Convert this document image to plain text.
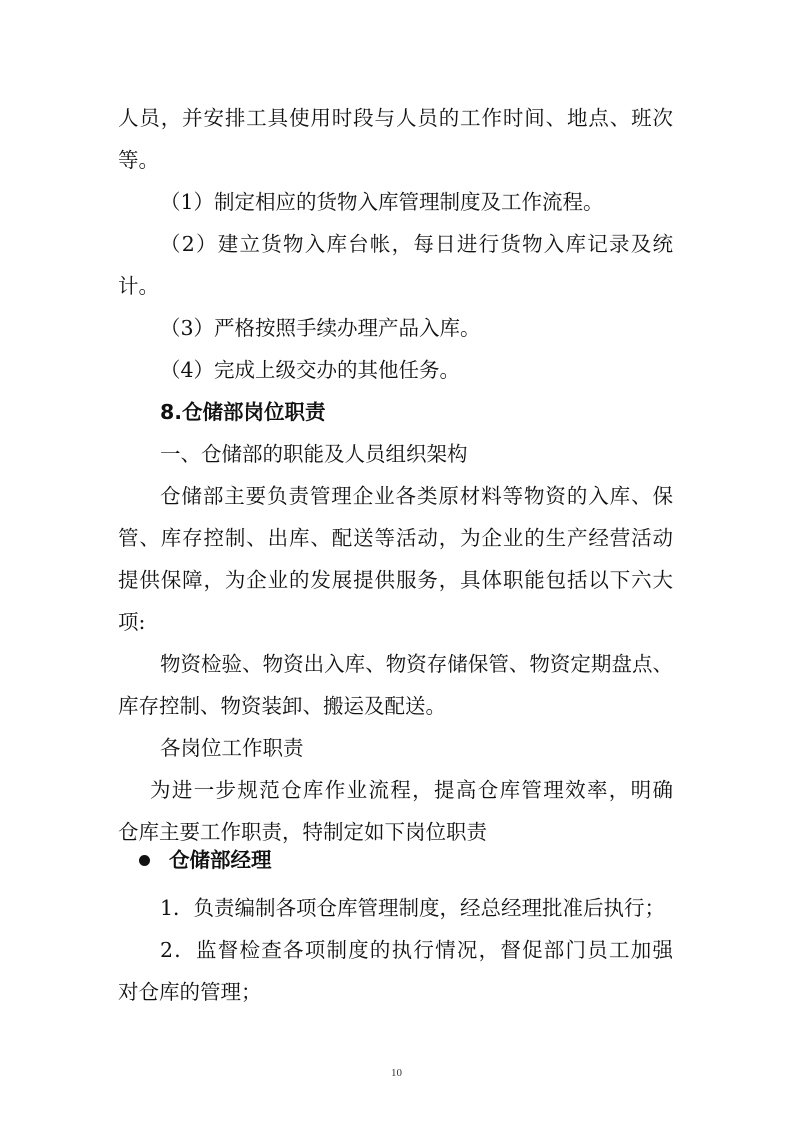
人员，并安排工具使用时段与人员的工作时间、地点、班次
等。
（1）制定相应的货物入库管理制度及工作流程。
（2）建立货物入库台帐，每日进行货物入库记录及统
计。
（3）严格按照手续办理产品入库。
（4）完成上级交办的其他任务。
8.仓储部岗位职责
一、仓储部的职能及人员组织架构
仓储部主要负责管理企业各类原材料等物资的入库、保
管、库存控制、出库、配送等活动，为企业的生产经营活动
提供保障，为企业的发展提供服务，具体职能包括以下六大
项:
物资检验、物资出入库、物资存储保管、物资定期盘点、
库存控制、物资装卸、搬运及配送。
各岗位工作职责
为进一步规范仓库作业流程，提高仓库管理效率，明确
仓库主要工作职责，特制定如下岗位职责
仓储部经理
1．负责编制各项仓库管理制度，经总经理批准后执行；
2．监督检查各项制度的执行情况，督促部门员工加强
对仓库的管理；
10
